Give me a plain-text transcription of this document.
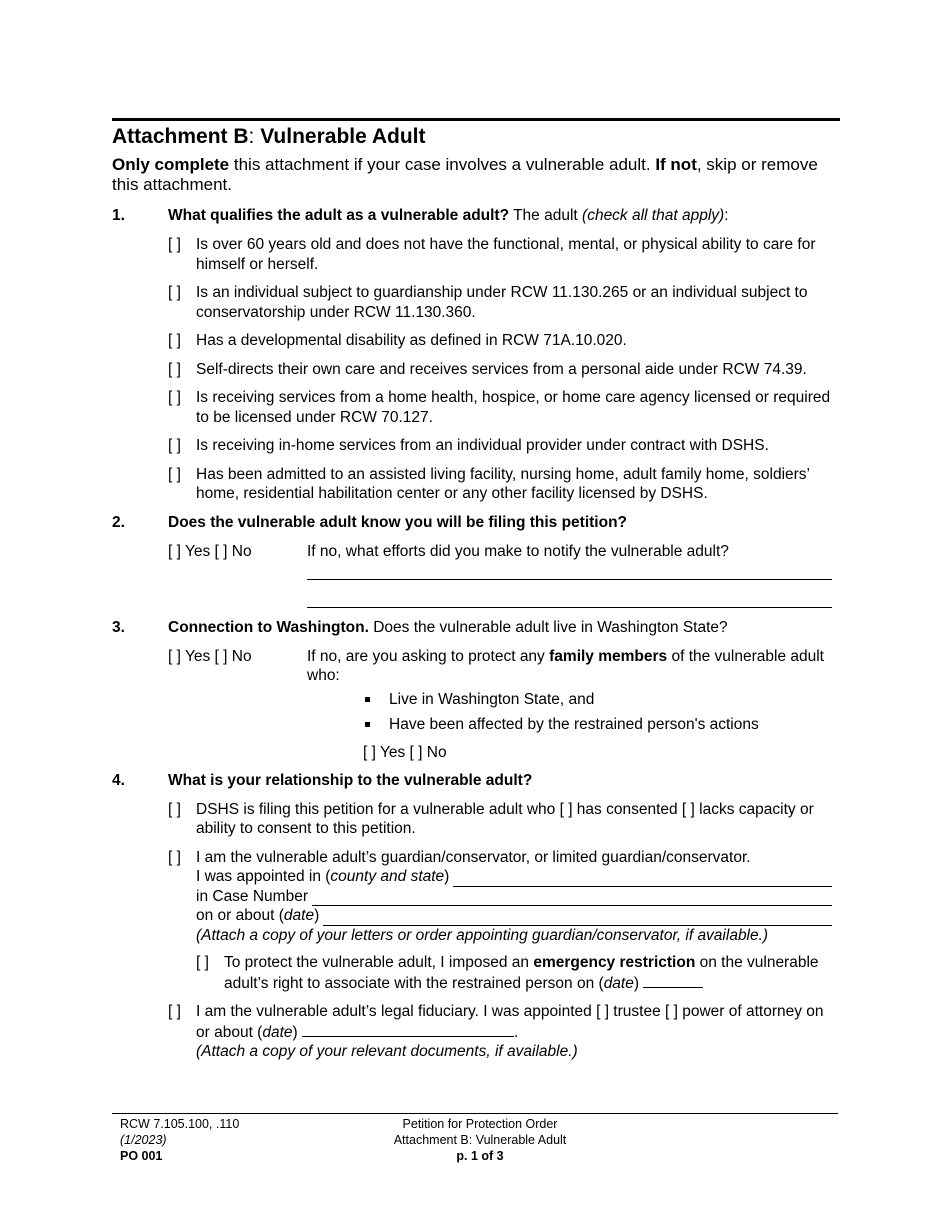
Attachment B: Vulnerable Adult
Only complete this attachment if your case involves a vulnerable adult. If not, skip or remove this attachment.
1.	What qualifies the adult as a vulnerable adult? The adult (check all that apply):
[ ] Is over 60 years old and does not have the functional, mental, or physical ability to care for himself or herself.
[ ] Is an individual subject to guardianship under RCW 11.130.265 or an individual subject to conservatorship under RCW 11.130.360.
[ ] Has a developmental disability as defined in RCW 71A.10.020.
[ ] Self-directs their own care and receives services from a personal aide under RCW 74.39.
[ ] Is receiving services from a home health, hospice, or home care agency licensed or required to be licensed under RCW 70.127.
[ ] Is receiving in-home services from an individual provider under contract with DSHS.
[ ] Has been admitted to an assisted living facility, nursing home, adult family home, soldiers’ home, residential habilitation center or any other facility licensed by DSHS.
2.	Does the vulnerable adult know you will be filing this petition?
[ ] Yes [ ] No	If no, what efforts did you make to notify the vulnerable adult?
3.	Connection to Washington. Does the vulnerable adult live in Washington State?
[ ] Yes [ ] No	If no, are you asking to protect any family members of the vulnerable adult who:
Live in Washington State, and
Have been affected by the restrained person's actions
[ ] Yes [ ] No
4.	What is your relationship to the vulnerable adult?
[ ] DSHS is filing this petition for a vulnerable adult who [ ] has consented [ ] lacks capacity or ability to consent to this petition.
[ ] I am the vulnerable adult’s guardian/conservator, or limited guardian/conservator.
I was appointed in (county and state)
in Case Number
on or about (date)
(Attach a copy of your letters or order appointing guardian/conservator, if available.)
[ ] To protect the vulnerable adult, I imposed an emergency restriction on the vulnerable adult’s right to associate with the restrained person on (date)
[ ] I am the vulnerable adult’s legal fiduciary. I was appointed [ ] trustee [ ] power of attorney on or about (date)	.
(Attach a copy of your relevant documents, if available.)
RCW 7.105.100, .110
(1/2023)
PO 001
Petition for Protection Order
Attachment B: Vulnerable Adult
p. 1 of 3
